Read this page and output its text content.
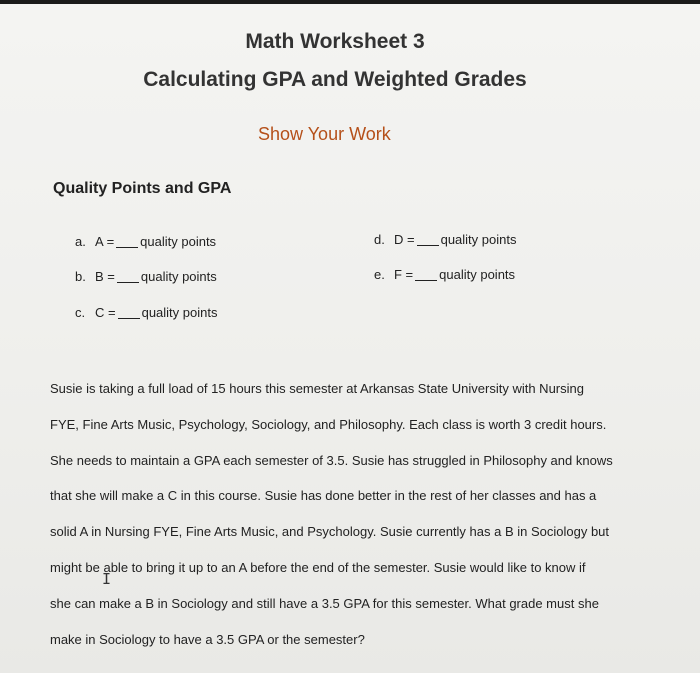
Math Worksheet 3
Calculating GPA and Weighted Grades
Show Your Work
Quality Points and GPA
a. A = quality points
b. B = quality points
c. C = quality points
d. D = quality points
e. F = quality points

Susie is taking a full load of 15 hours this semester at Arkansas State University with Nursing

FYE, Fine Arts Music, Psychology, Sociology, and Philosophy. Each class is worth 3 credit hours.

She needs to maintain a GPA each semester of 3.5. Susie has struggled in Philosophy and knows

that she will make a C in this course. Susie has done better in the rest of her classes and has a

solid A in Nursing FYE, Fine Arts Music, and Psychology. Susie currently has a B in Sociology but

might be able to bring it up to an A before the end of the semester. Susie would like to know if

she can make a B in Sociology and still have a 3.5 GPA for this semester. What grade must she

make in Sociology to have a 3.5 GPA or the semester?

I
